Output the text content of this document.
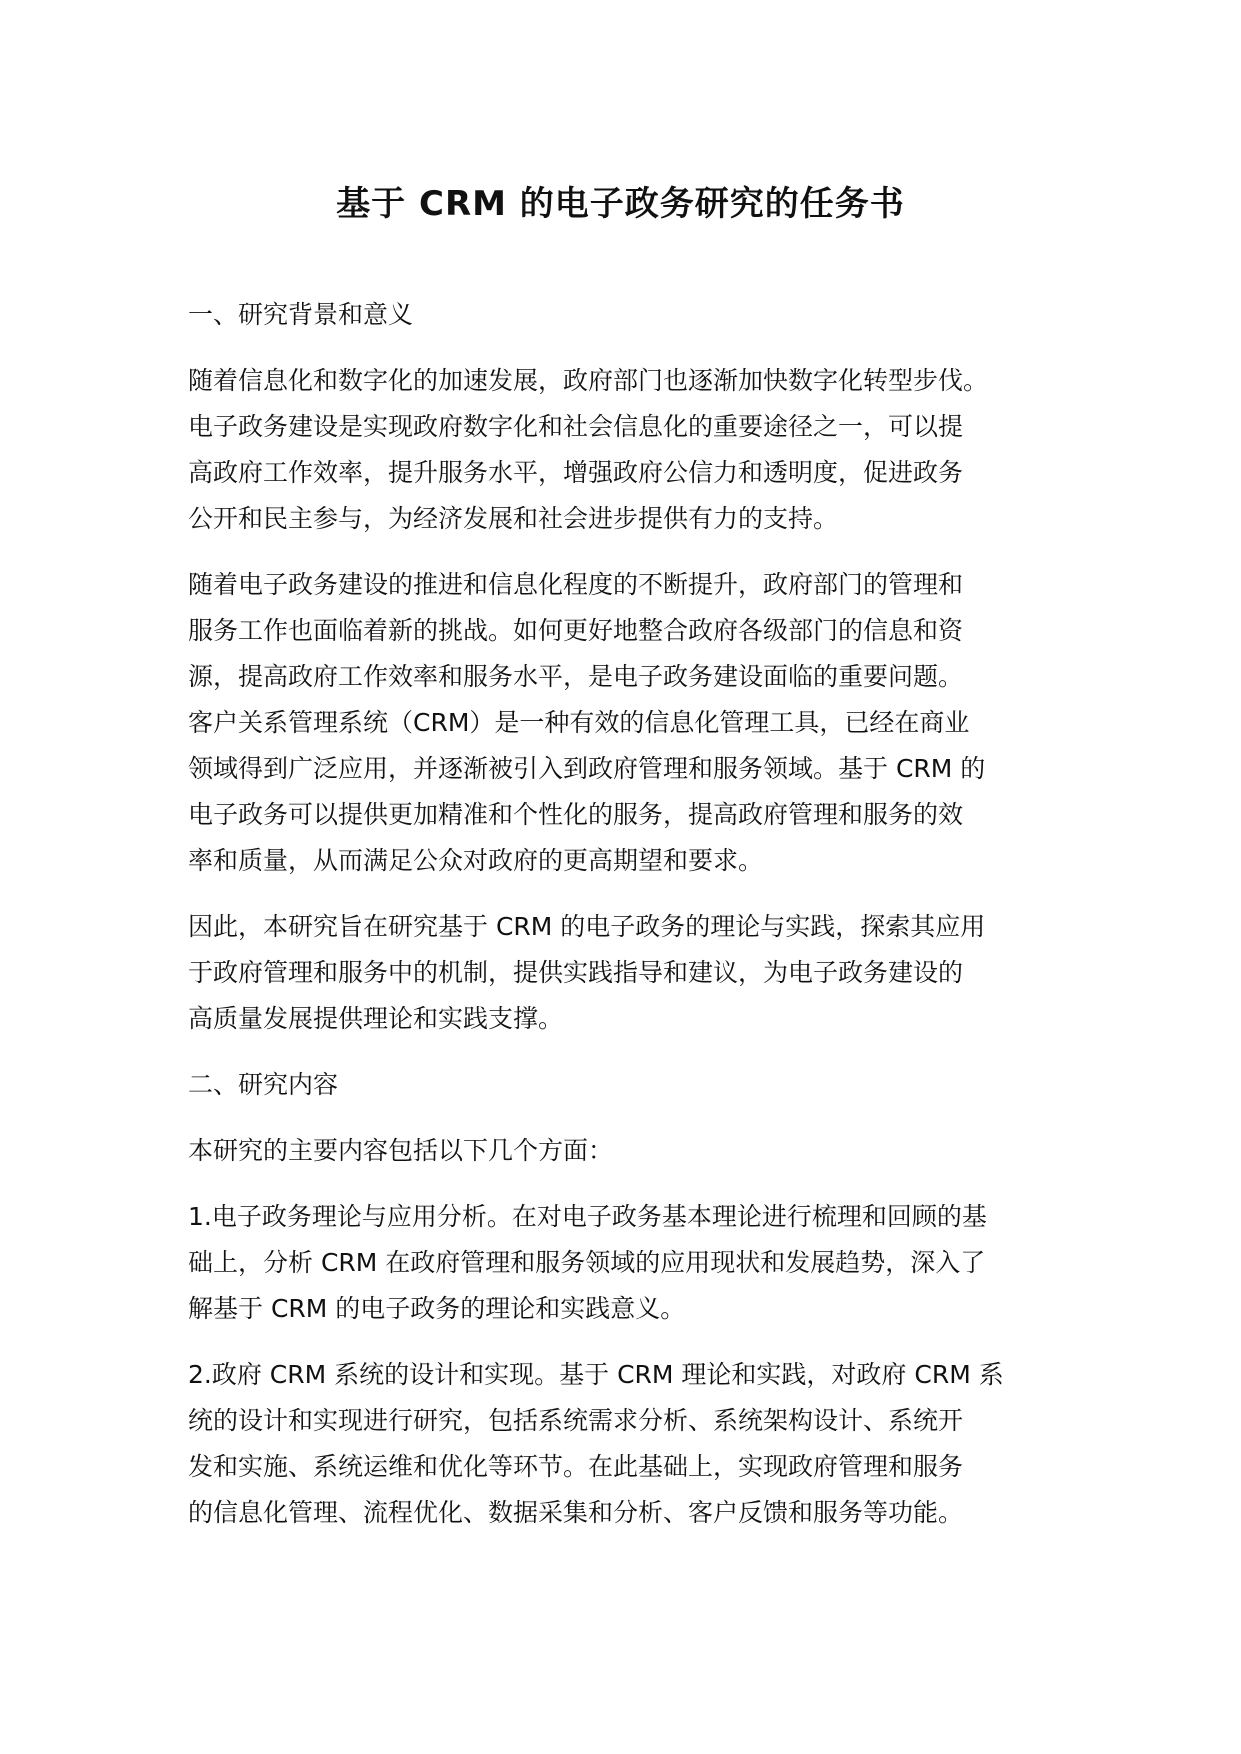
基于 CRM 的电子政务研究的任务书
一、研究背景和意义

随着信息化和数字化的加速发展，政府部门也逐渐加快数字化转型步伐。
电子政务建设是实现政府数字化和社会信息化的重要途径之一，可以提
高政府工作效率，提升服务水平，增强政府公信力和透明度，促进政务
公开和民主参与，为经济发展和社会进步提供有力的支持。

随着电子政务建设的推进和信息化程度的不断提升，政府部门的管理和
服务工作也面临着新的挑战。如何更好地整合政府各级部门的信息和资
源，提高政府工作效率和服务水平，是电子政务建设面临的重要问题。
客户关系管理系统（CRM）是一种有效的信息化管理工具，已经在商业
领域得到广泛应用，并逐渐被引入到政府管理和服务领域。基于 CRM 的
电子政务可以提供更加精准和个性化的服务，提高政府管理和服务的效
率和质量，从而满足公众对政府的更高期望和要求。

因此，本研究旨在研究基于 CRM 的电子政务的理论与实践，探索其应用
于政府管理和服务中的机制，提供实践指导和建议，为电子政务建设的
高质量发展提供理论和实践支撑。

二、研究内容

本研究的主要内容包括以下几个方面：

1.电子政务理论与应用分析。在对电子政务基本理论进行梳理和回顾的基
础上，分析 CRM 在政府管理和服务领域的应用现状和发展趋势，深入了
解基于 CRM 的电子政务的理论和实践意义。

2.政府 CRM 系统的设计和实现。基于 CRM 理论和实践，对政府 CRM 系
统的设计和实现进行研究，包括系统需求分析、系统架构设计、系统开
发和实施、系统运维和优化等环节。在此基础上，实现政府管理和服务
的信息化管理、流程优化、数据采集和分析、客户反馈和服务等功能。
